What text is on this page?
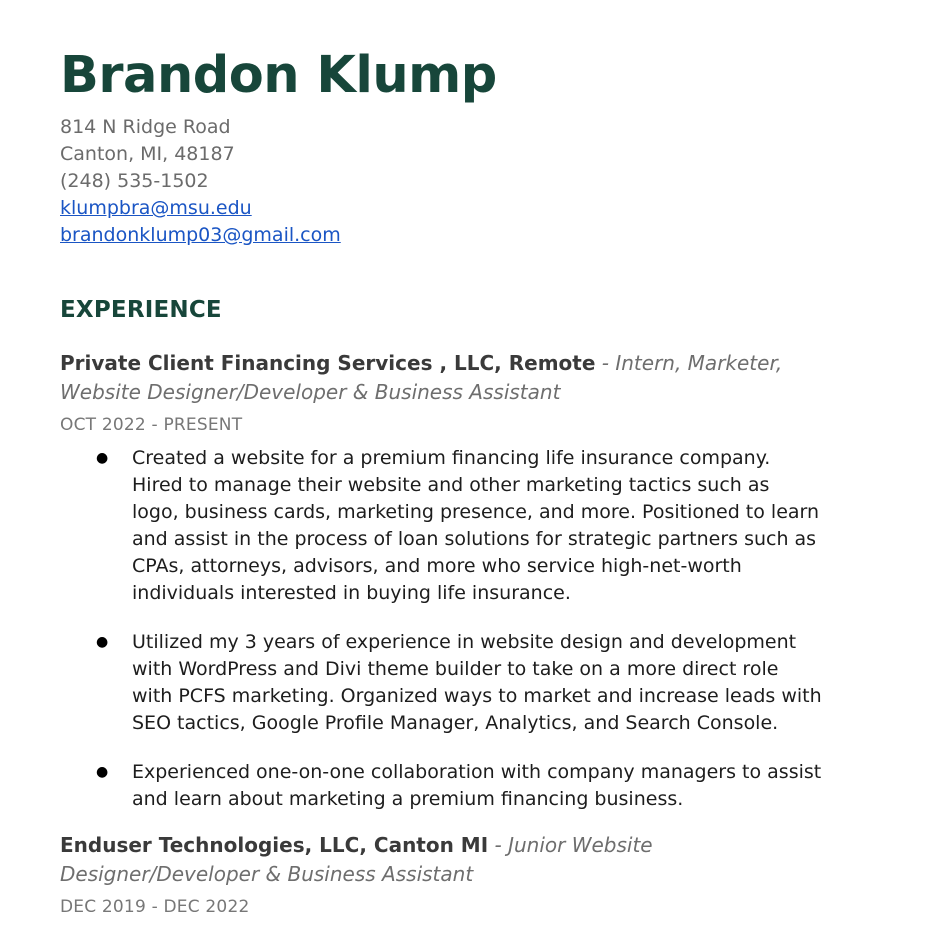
Brandon Klump
814 N Ridge Road
Canton, MI, 48187
(248) 535-1502
klumpbra@msu.edu
brandonklump03@gmail.com
EXPERIENCE
Private Client Financing Services , LLC, Remote - Intern, Marketer, Website Designer/Developer & Business Assistant
OCT 2022 - PRESENT
● Created a website for a premium financing life insurance company. Hired to manage their website and other marketing tactics such as logo, business cards, marketing presence, and more. Positioned to learn and assist in the process of loan solutions for strategic partners such as CPAs, attorneys, advisors, and more who service high-net-worth individuals interested in buying life insurance.
● Utilized my 3 years of experience in website design and development with WordPress and Divi theme builder to take on a more direct role with PCFS marketing. Organized ways to market and increase leads with SEO tactics, Google Profile Manager, Analytics, and Search Console.
● Experienced one-on-one collaboration with company managers to assist and learn about marketing a premium financing business.
Enduser Technologies, LLC, Canton MI - Junior Website Designer/Developer & Business Assistant
DEC 2019 - DEC 2022
